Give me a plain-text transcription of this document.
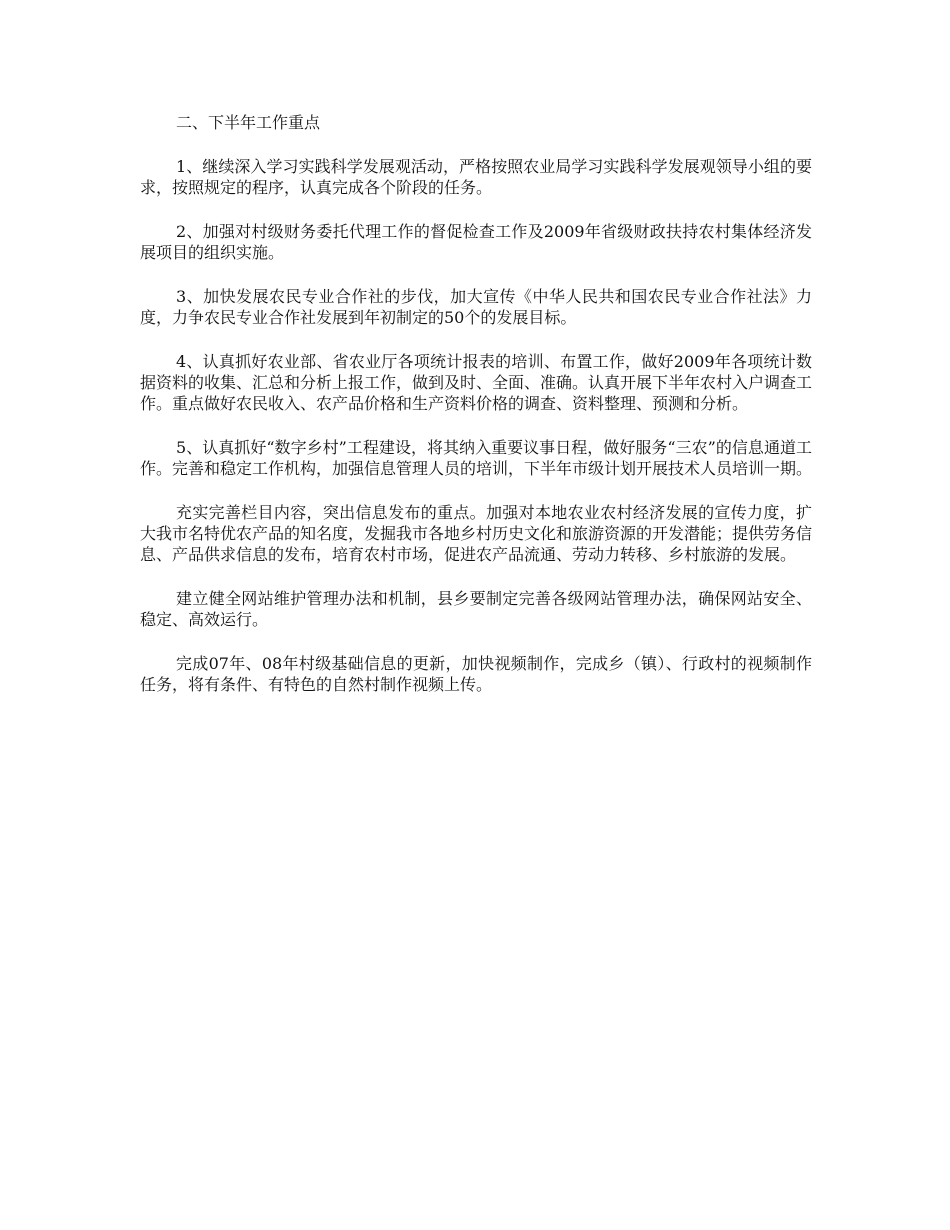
二、下半年工作重点

1、继续深入学习实践科学发展观活动，严格按照农业局学习实践科学发展观领导小组的要求，按照规定的程序，认真完成各个阶段的任务。

2、加强对村级财务委托代理工作的督促检查工作及2009年省级财政扶持农村集体经济发展项目的组织实施。

3、加快发展农民专业合作社的步伐，加大宣传《中华人民共和国农民专业合作社法》力度，力争农民专业合作社发展到年初制定的50个的发展目标。

4、认真抓好农业部、省农业厅各项统计报表的培训、布置工作，做好2009年各项统计数据资料的收集、汇总和分析上报工作，做到及时、全面、准确。认真开展下半年农村入户调查工作。重点做好农民收入、农产品价格和生产资料价格的调查、资料整理、预测和分析。

5、认真抓好“数字乡村”工程建设，将其纳入重要议事日程，做好服务“三农”的信息通道工作。完善和稳定工作机构，加强信息管理人员的培训，下半年市级计划开展技术人员培训一期。

充实完善栏目内容，突出信息发布的重点。加强对本地农业农村经济发展的宣传力度，扩大我市名特优农产品的知名度，发掘我市各地乡村历史文化和旅游资源的开发潜能；提供劳务信息、产品供求信息的发布，培育农村市场，促进农产品流通、劳动力转移、乡村旅游的发展。

建立健全网站维护管理办法和机制，县乡要制定完善各级网站管理办法，确保网站安全、稳定、高效运行。

完成07年、08年村级基础信息的更新，加快视频制作，完成乡（镇）、行政村的视频制作任务，将有条件、有特色的自然村制作视频上传。
